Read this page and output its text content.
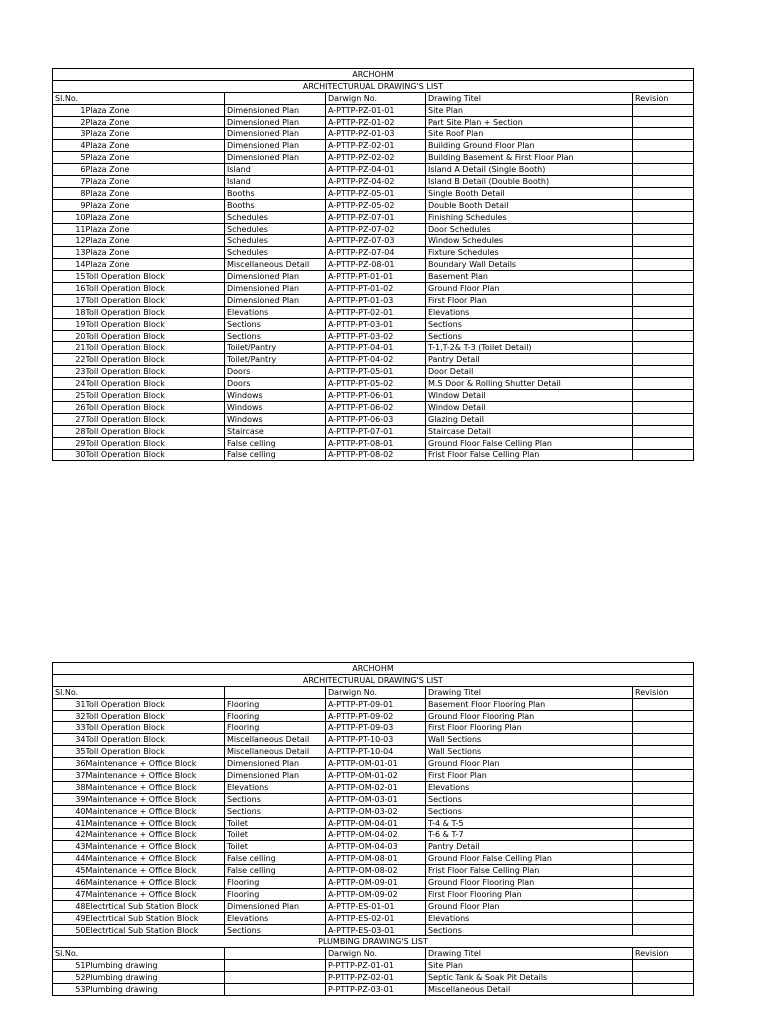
ARCHOHM					
ARCHITECTURUAL DRAWING'S LIST					
Sl.No.			Darwign No.	Drawing Titel	Revision
1	Plaza Zone	Dimensioned Plan	A-PTTP-PZ-01-01	Site Plan	
2	Plaza Zone	Dimensioned Plan	A-PTTP-PZ-01-02	Part Site Plan + Section	
3	Plaza Zone	Dimensioned Plan	A-PTTP-PZ-01-03	Site Roof Plan	
4	Plaza Zone	Dimensioned Plan	A-PTTP-PZ-02-01	Building Ground Floor Plan	
5	Plaza Zone	Dimensioned Plan	A-PTTP-PZ-02-02	Building Basement & First Floor Plan	
6	Plaza Zone	Island	A-PTTP-PZ-04-01	Island A Detail (Single Booth)	
7	Plaza Zone	Island	A-PTTP-PZ-04-02	Island B Detail (Double Booth)	
8	Plaza Zone	Booths	A-PTTP-PZ-05-01	Single Booth Detail	
9	Plaza Zone	Booths	A-PTTP-PZ-05-02	Double Booth Detail	
10	Plaza Zone	Schedules	A-PTTP-PZ-07-01	Finishing Schedules	
11	Plaza Zone	Schedules	A-PTTP-PZ-07-02	Door Schedules	
12	Plaza Zone	Schedules	A-PTTP-PZ-07-03	Window Schedules	
13	Plaza Zone	Schedules	A-PTTP-PZ-07-04	Fixture Schedules	
14	Plaza Zone	Miscellaneous Detail	A-PTTP-PZ-08-01	Boundary Wall Details	
15	Toll Operation Block	Dimensioned Plan	A-PTTP-PT-01-01	Basement Plan	
16	Toll Operation Block	Dimensioned Plan	A-PTTP-PT-01-02	Ground Floor Plan	
17	Toll Operation Block	Dimensioned Plan	A-PTTP-PT-01-03	First Floor Plan	
18	Toll Operation Block	Elevations	A-PTTP-PT-02-01	Elevations	
19	Toll Operation Block	Sections	A-PTTP-PT-03-01	Sections	
20	Toll Operation Block	Sections	A-PTTP-PT-03-02	Sections	
21	Toll Operation Block	Toilet/Pantry	A-PTTP-PT-04-01	T-1,T-2& T-3 (Toilet Detail)	
22	Toll Operation Block	Toilet/Pantry	A-PTTP-PT-04-02	Pantry Detail	
23	Toll Operation Block	Doors	A-PTTP-PT-05-01	Door Detail	
24	Toll Operation Block	Doors	A-PTTP-PT-05-02	M.S Door & Rolling Shutter Detail	
25	Toll Operation Block	Windows	A-PTTP-PT-06-01	Window Detail	
26	Toll Operation Block	Windows	A-PTTP-PT-06-02	Window Detail	
27	Toll Operation Block	Windows	A-PTTP-PT-06-03	Glazing Detail	
28	Toll Operation Block	Staircase	A-PTTP-PT-07-01	Staircase Detail	
29	Toll Operation Block	False celling	A-PTTP-PT-08-01	Ground Floor False Celling Plan	
30	Toll Operation Block	False celling	A-PTTP-PT-08-02	Frist Floor False Celling Plan	
ARCHOHM					
ARCHITECTURUAL DRAWING'S LIST					
Sl.No.			Darwign No.	Drawing Titel	Revision
31	Toll Operation Block	Flooring	A-PTTP-PT-09-01	Basement Floor Flooring Plan	
32	Toll Operation Block	Flooring	A-PTTP-PT-09-02	Ground Floor Flooring Plan	
33	Toll Operation Block	Flooring	A-PTTP-PT-09-03	First Floor Flooring Plan	
34	Toll Operation Block	Miscellaneous Detail	A-PTTP-PT-10-03	Wall Sections	
35	Toll Operation Block	Miscellaneous Detail	A-PTTP-PT-10-04	Wall Sections	
36	Maintenance + Office Block	Dimensioned Plan	A-PTTP-OM-01-01	Ground Floor Plan	
37	Maintenance + Office Block	Dimensioned Plan	A-PTTP-OM-01-02	First Floor Plan	
38	Maintenance + Office Block	Elevations	A-PTTP-OM-02-01	Elevations	
39	Maintenance + Office Block	Sections	A-PTTP-OM-03-01	Sections	
40	Maintenance + Office Block	Sections	A-PTTP-OM-03-02	Sections	
41	Maintenance + Office Block	Toilet	A-PTTP-OM-04-01	T-4 & T-5	
42	Maintenance + Office Block	Toilet	A-PTTP-OM-04-02	T-6 & T-7	
43	Maintenance + Office Block	Toilet	A-PTTP-OM-04-03	Pantry Detail	
44	Maintenance + Office Block	False celling	A-PTTP-OM-08-01	Ground Floor False Celling Plan	
45	Maintenance + Office Block	False celling	A-PTTP-OM-08-02	Frist Floor False Celling Plan	
46	Maintenance + Office Block	Flooring	A-PTTP-OM-09-01	Ground Floor Flooring Plan	
47	Maintenance + Office Block	Flooring	A-PTTP-OM-09-02	First Floor Flooring Plan	
48	Electrtical Sub Station Block	Dimensioned Plan	A-PTTP-ES-01-01	Ground Floor Plan	
49	Electrtical Sub Station Block	Elevations	A-PTTP-ES-02-01	Elevations	
50	Electrtical Sub Station Block	Sections	A-PTTP-ES-03-01	Sections	
PLUMBING DRAWING'S LIST					
Sl.No.			Darwign No.	Drawing Titel	Revision
51	Plumbing drawing		P-PTTP-PZ-01-01	Site Plan	
52	Plumbing drawing		P-PTTP-PZ-02-01	Septic Tank & Soak Pit Details	
53	Plumbing drawing		P-PTTP-PZ-03-01	Miscellaneous Detail	
